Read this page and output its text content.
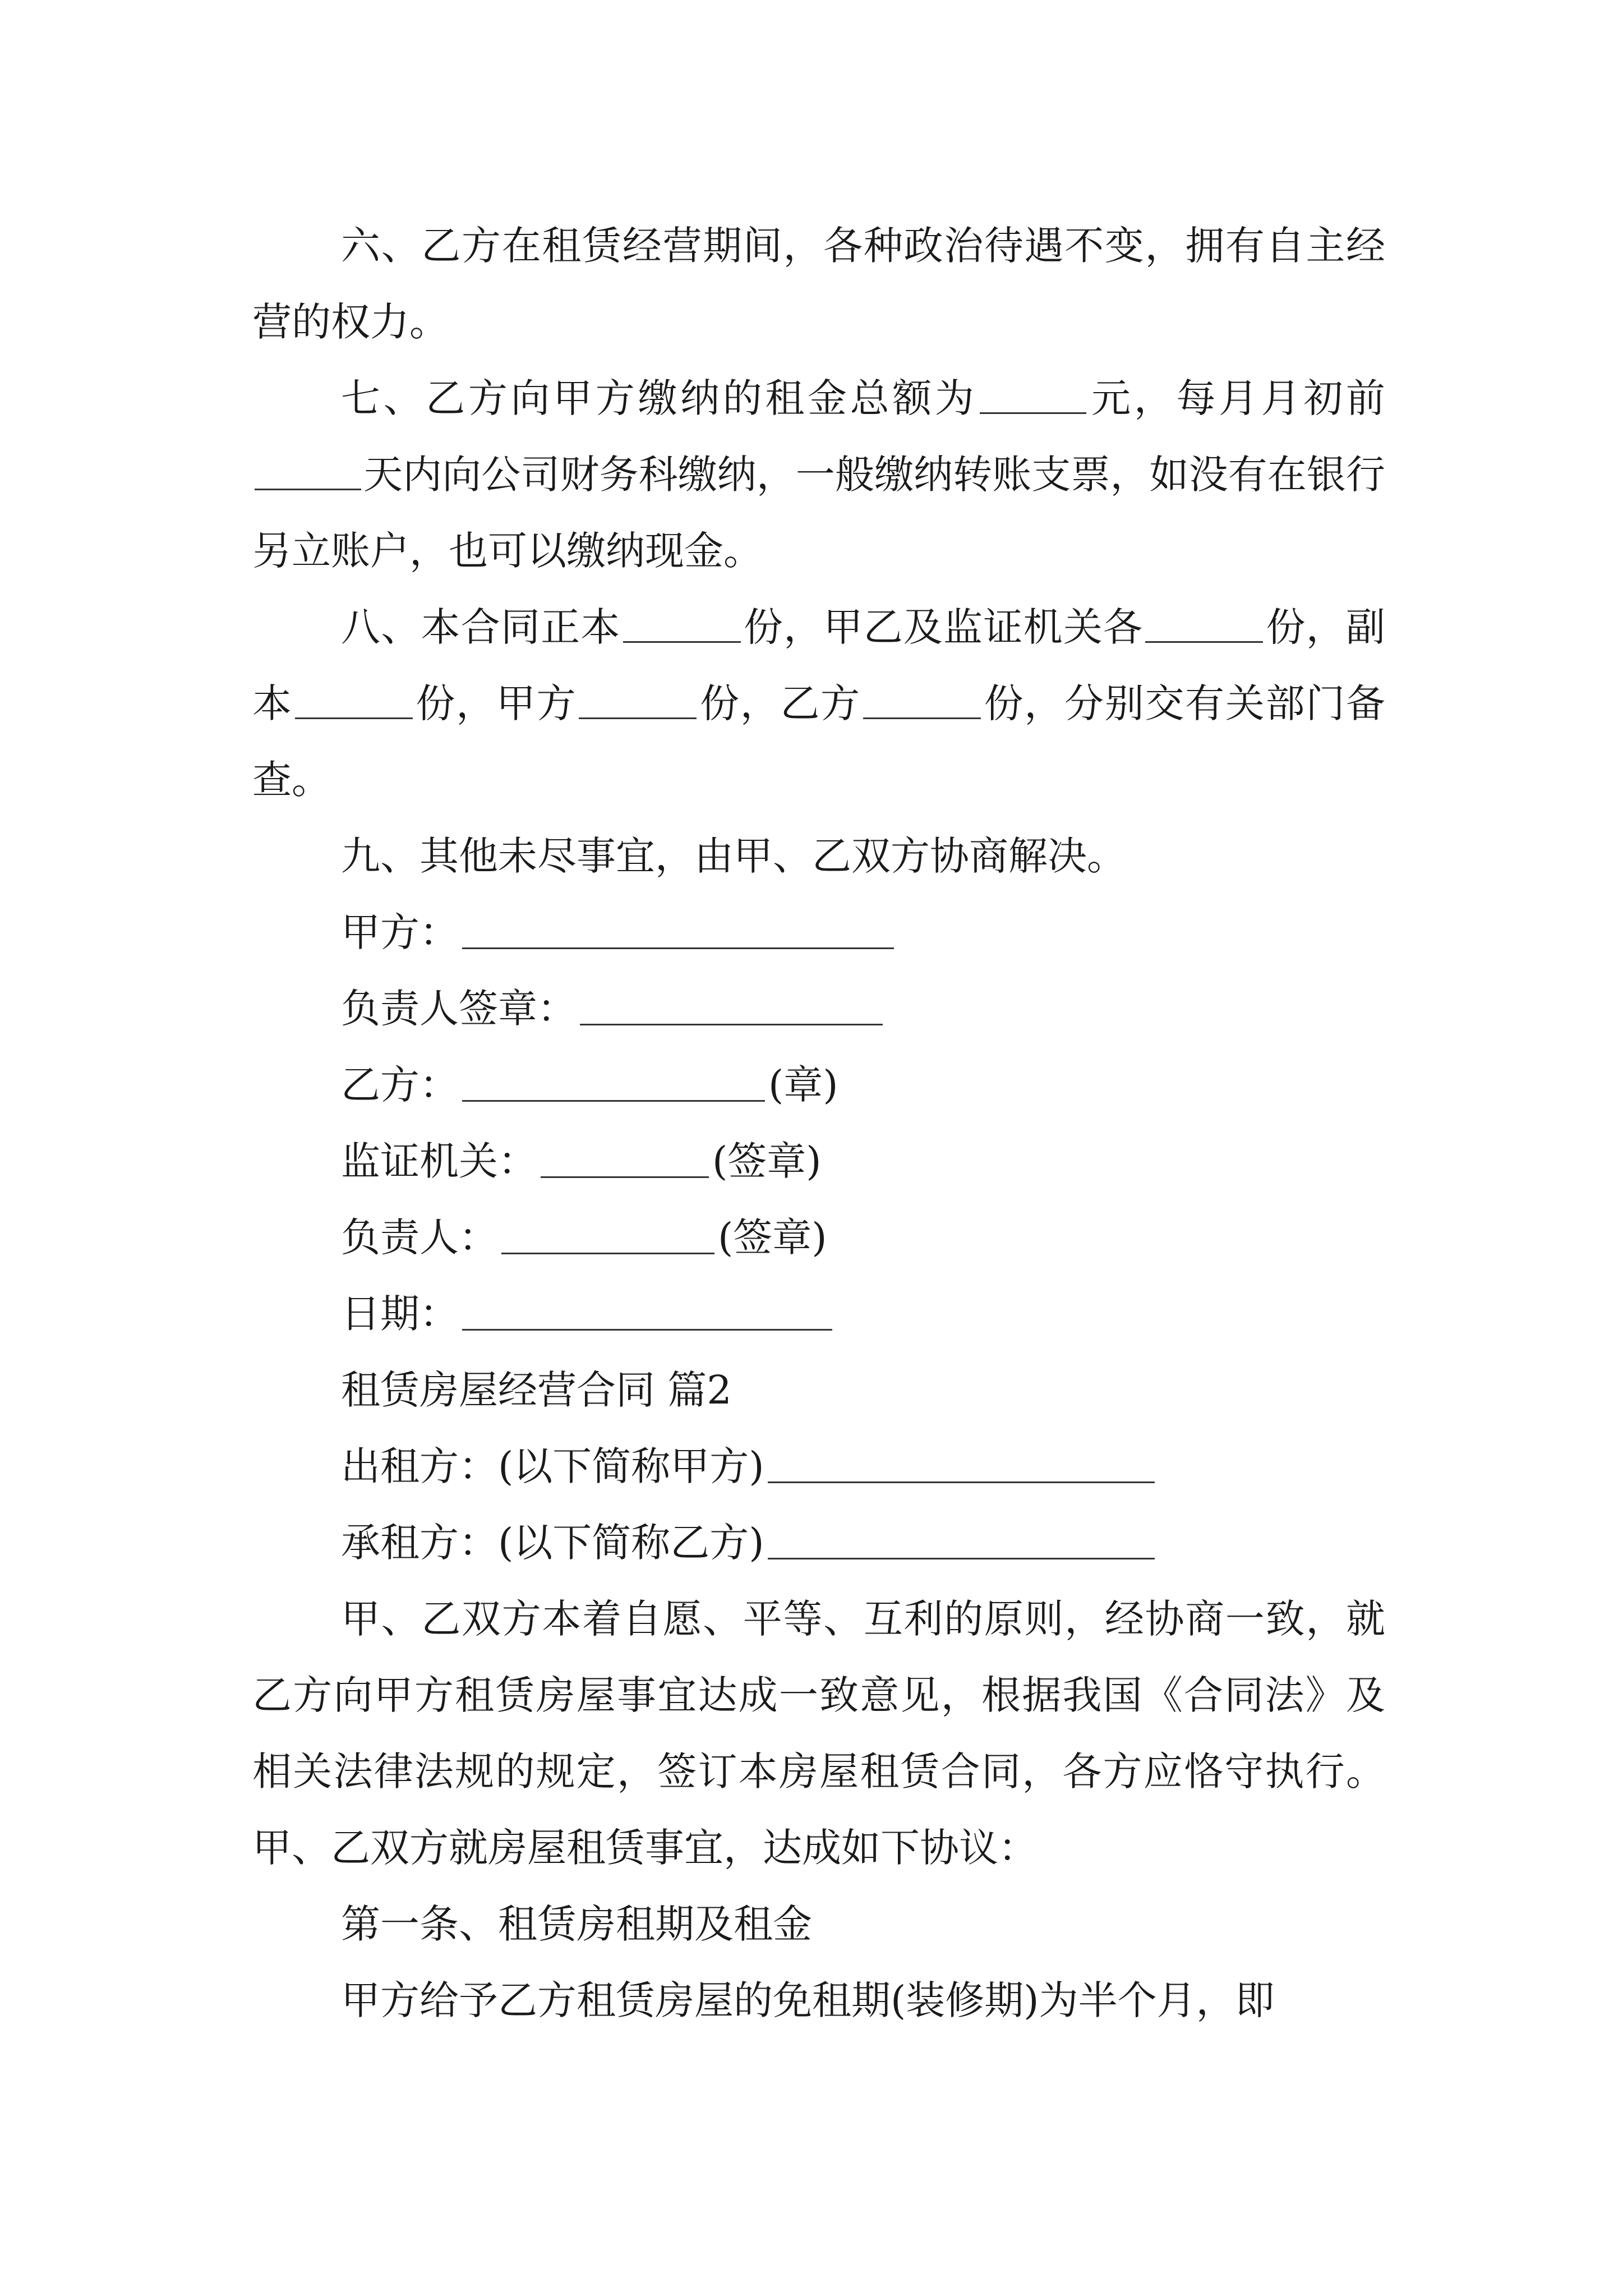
六、乙方在租赁经营期间，各种政治待遇不变，拥有自主经营的权力。

七、乙方向甲方缴纳的租金总额为	元，每月月初前天内向公司财务科缴纳，一般缴纳转账支票，如没有在银行另立账户，也可以缴纳现金。

八、本合同正本	份，甲乙及监证机关各	份，副本	份，甲方	份，乙方	份，分别交有关部门备查。

九、其他未尽事宜，由甲、乙双方协商解决。

甲方：

负责人签章：

乙方：	(章)

监证机关：	(签章)

负责人：	(签章)

日期：

租赁房屋经营合同 篇2

出租方：(以下简称甲方)

承租方：(以下简称乙方)

甲、乙双方本着自愿、平等、互利的原则，经协商一致，就乙方向甲方租赁房屋事宜达成一致意见，根据我国《合同法》及相关法律法规的规定，签订本房屋租赁合同，各方应恪守执行。甲、乙双方就房屋租赁事宜，达成如下协议：

第一条、租赁房租期及租金

甲方给予乙方租赁房屋的免租期(装修期)为半个月，即
